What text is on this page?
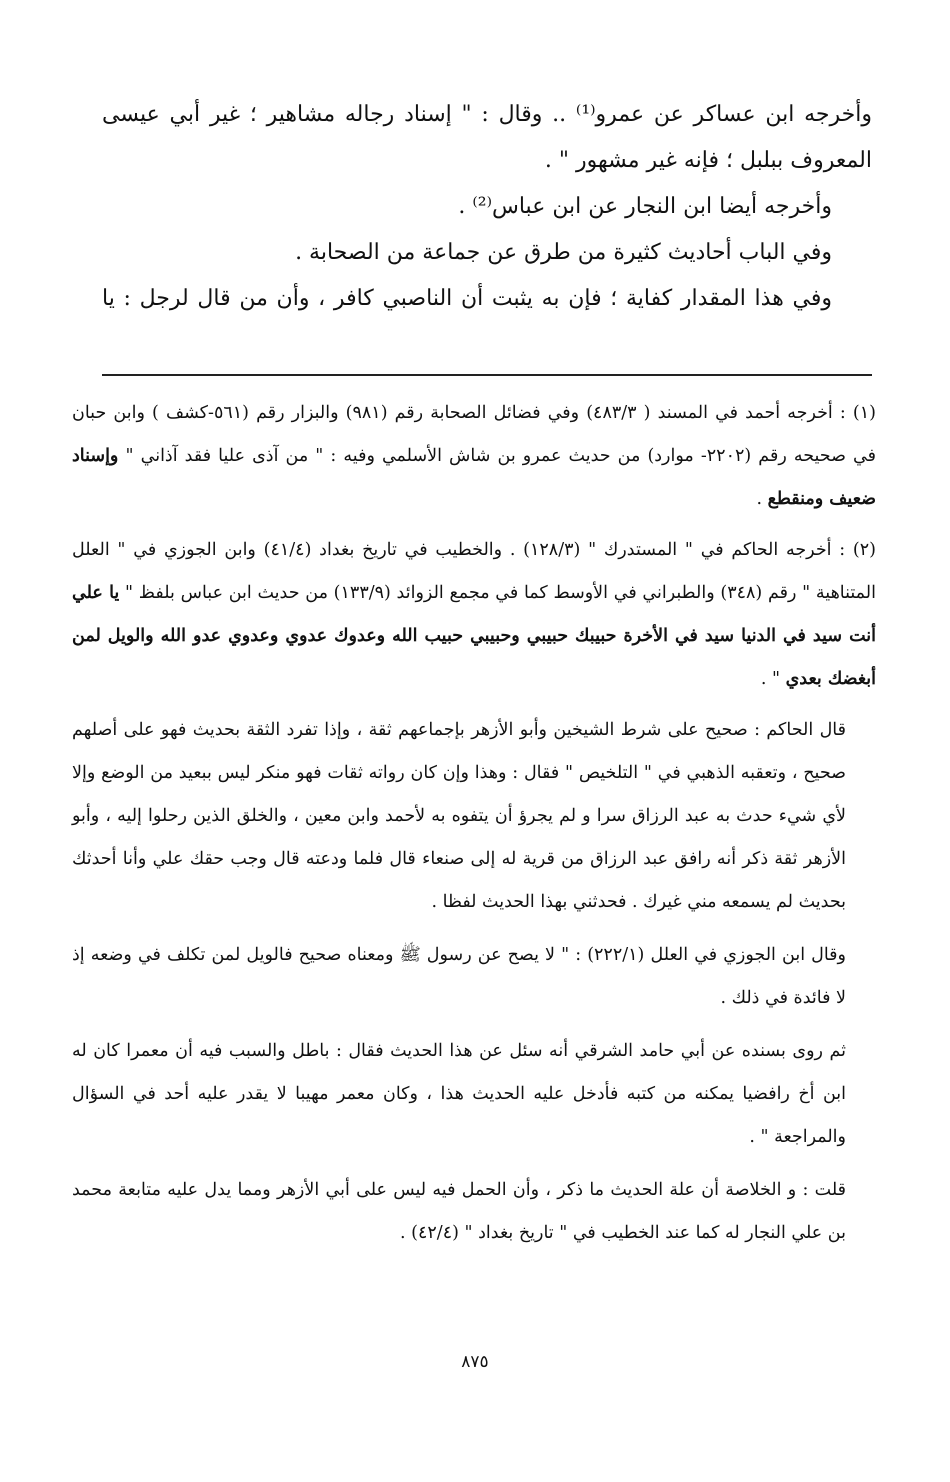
وأخرجه ابن عساكر عن عمرو⁽¹⁾ .. وقال : " إسناد رجاله مشاهير ؛ غير أبي عيسى المعروف ببلبل ؛ فإنه غير مشهور " .

وأخرجه أيضا ابن النجار عن ابن عباس⁽²⁾ .

وفي الباب أحاديث كثيرة من طرق عن جماعة من الصحابة .

وفي هذا المقدار كفاية ؛ فإن به يثبت أن الناصبي كافر ، وأن من قال لرجل : يا

(١) : أخرجه أحمد في المسند ( ٤٨٣/٣) وفي فضائل الصحابة رقم (٩٨١) والبزار رقم (٥٦١-كشف ) وابن حبان في صحيحه رقم (٢٢٠٢- موارد) من حديث عمرو بن شاش الأسلمي وفيه : " من آذى عليا فقد آذاني " وإسناد ضعيف ومنقطع .

(٢) : أخرجه الحاكم في " المستدرك " (١٢٨/٣) . والخطيب في تاريخ بغداد (٤١/٤) وابن الجوزي في " العلل المتناهية " رقم (٣٤٨) والطبراني في الأوسط كما في مجمع الزوائد (١٣٣/٩) من حديث ابن عباس بلفظ " يا علي أنت سيد في الدنيا سيد في الأخرة حبيبك حبيبي وحبيبي حبيب الله وعدوك عدوي وعدوي عدو الله والويل لمن أبغضك بعدي " .

قال الحاكم : صحيح على شرط الشيخين وأبو الأزهر بإجماعهم ثقة ، وإذا تفرد الثقة بحديث فهو على أصلهم صحيح ، وتعقبه الذهبي في " التلخيص " فقال : وهذا وإن كان رواته ثقات فهو منكر ليس ببعيد من الوضع وإلا لأي شيء حدث به عبد الرزاق سرا و لم يجرؤ أن يتفوه به لأحمد وابن معين ، والخلق الذين رحلوا إليه ، وأبو الأزهر ثقة ذكر أنه رافق عبد الرزاق من قرية له إلى صنعاء قال فلما ودعته قال وجب حقك علي وأنا أحدثك بحديث لم يسمعه مني غيرك . فحدثني بهذا الحديث لفظا .

وقال ابن الجوزي في العلل (٢٢٢/١) : " لا يصح عن رسول ﷺ ومعناه صحيح فالويل لمن تكلف في وضعه إذ لا فائدة في ذلك .

ثم روى بسنده عن أبي حامد الشرقي أنه سئل عن هذا الحديث فقال : باطل والسبب فيه أن معمرا كان له ابن أخ رافضيا يمكنه من كتبه فأدخل عليه الحديث هذا ، وكان معمر مهيبا لا يقدر عليه أحد في السؤال والمراجعة " .

قلت : و الخلاصة أن علة الحديث ما ذكر ، وأن الحمل فيه ليس على أبي الأزهر ومما يدل عليه متابعة محمد بن علي النجار له كما عند الخطيب في " تاريخ بغداد " (٤٢/٤) .

٨٧٥
